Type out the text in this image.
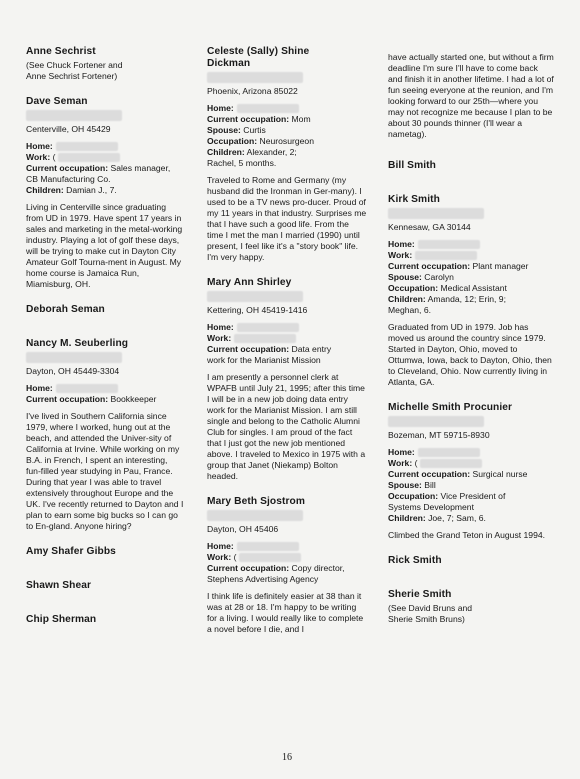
Anne Sechrist
(See Chuck Fortener and
Anne Sechrist Fortener)
Dave Seman
Centerville, OH 45429
Home:
Work: (
Current occupation: Sales manager,
CB Manufacturing Co.
Children: Damian J., 7.
Living in Centerville since graduating from UD in 1979. Have spent 17 years in sales and marketing in the metal-working industry. Playing a lot of golf these days, will be trying to make cut in Dayton City Amateur Golf Tourna-ment in August. My home course is Jamaica Run, Miamisburg, OH.
Deborah Seman
Nancy M. Seuberling
Dayton, OH 45449-3304
Home:
Current occupation: Bookkeeper
I've lived in Southern California since 1979, where I worked, hung out at the beach, and attended the Univer-sity of California at Irvine. While working on my B.A. in French, I spent an interesting, fun-filled year studying in Pau, France. During that year I was able to travel extensively throughout Europe and the UK. I've recently returned to Dayton and I plan to earn some big bucks so I can go to En-gland. Anyone hiring?
Amy Shafer Gibbs
Shawn Shear
Chip Sherman
Celeste (Sally) Shine
Dickman
Phoenix, Arizona 85022
Home:
Current occupation: Mom
Spouse: Curtis
Occupation: Neurosurgeon
Children: Alexander, 2;
Rachel, 5 months.
Traveled to Rome and Germany (my husband did the Ironman in Ger-many). I used to be a TV news pro-ducer. Proud of my 11 years in that industry. Surprises me that I have such a good life. From the time I met the man I married (1990) until present, I feel like it's a "story book" life. I'm very happy.
Mary Ann Shirley
Kettering, OH 45419-1416
Home:
Work:
Current occupation: Data entry
work for the Marianist Mission
I am presently a personnel clerk at WPAFB until July 21, 1995; after this time I will be in a new job doing data entry work for the Marianist Mission. I am still single and belong to the Catholic Alumni Club for singles. I am proud of the fact that I just got the new job mentioned above. I traveled to Mexico in 1975 with a group that Janet (Niekamp) Bolton headed.
Mary Beth Sjostrom
Dayton, OH 45406
Home:
Work: (
Current occupation: Copy director,
Stephens Advertising Agency
I think life is definitely easier at 38 than it was at 28 or 18. I'm happy to be writing for a living. I would really like to complete a novel before I die, and I
have actually started one, but without a firm deadline I'm sure I'll have to come back and finish it in another lifetime. I had a lot of fun seeing everyone at the reunion, and I'm looking forward to our 25th—where you may not recognize me because I plan to be about 30 pounds thinner (I'll wear a nametag).
Bill Smith
Kirk Smith
Kennesaw, GA 30144
Home:
Work:
Current occupation: Plant manager
Spouse: Carolyn
Occupation: Medical Assistant
Children: Amanda, 12; Erin, 9;
Meghan, 6.
Graduated from UD in 1979. Job has moved us around the country since 1979. Started in Dayton, Ohio, moved to Ottumwa, Iowa, back to Dayton, Ohio, then to Cleveland, Ohio. Now currently living in Atlanta, GA.
Michelle Smith Procunier
Bozeman, MT 59715-8930
Home:
Work: (
Current occupation: Surgical nurse
Spouse: Bill
Occupation: Vice President of
Systems Development
Children: Joe, 7; Sam, 6.
Climbed the Grand Teton in August 1994.
Rick Smith
Sherie Smith
(See David Bruns and
Sherie Smith Bruns)
16
